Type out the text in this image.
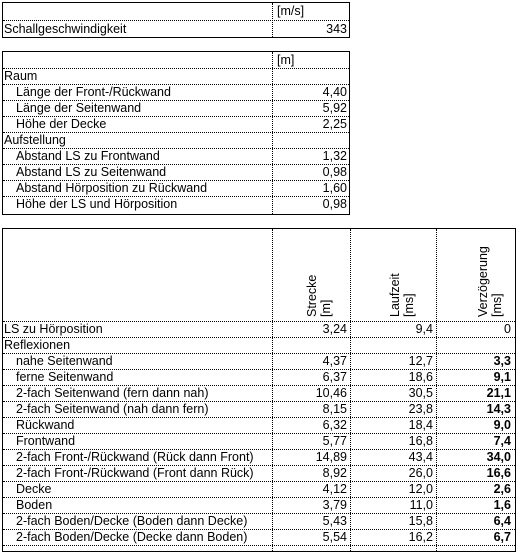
[m/s]
Schallgeschwindigkeit	343
[m]
Raum
Länge der Front-/Rückwand	4,40
Länge der Seitenwand	5,92
Höhe der Decke	2,25
Aufstellung
Abstand LS zu Frontwand	1,32
Abstand LS zu Seitenwand	0,98
Abstand Hörposition zu Rückwand	1,60
Höhe der LS und Hörposition	0,98
Strecke [m]	Laufzeit [ms]	Verzögerung [ms]
LS zu Hörposition	3,24	9,4	0
Reflexionen
nahe Seitenwand	4,37	12,7	3,3
ferne Seitenwand	6,37	18,6	9,1
2-fach Seitenwand (fern dann nah)	10,46	30,5	21,1
2-fach Seitenwand (nah dann fern)	8,15	23,8	14,3
Rückwand	6,32	18,4	9,0
Frontwand	5,77	16,8	7,4
2-fach Front-/Rückwand (Rück dann Front)	14,89	43,4	34,0
2-fach Front-/Rückwand (Front dann Rück)	8,92	26,0	16,6
Decke	4,12	12,0	2,6
Boden	3,79	11,0	1,6
2-fach Boden/Decke (Boden dann Decke)	5,43	15,8	6,4
2-fach Boden/Decke (Decke dann Boden)	5,54	16,2	6,7
